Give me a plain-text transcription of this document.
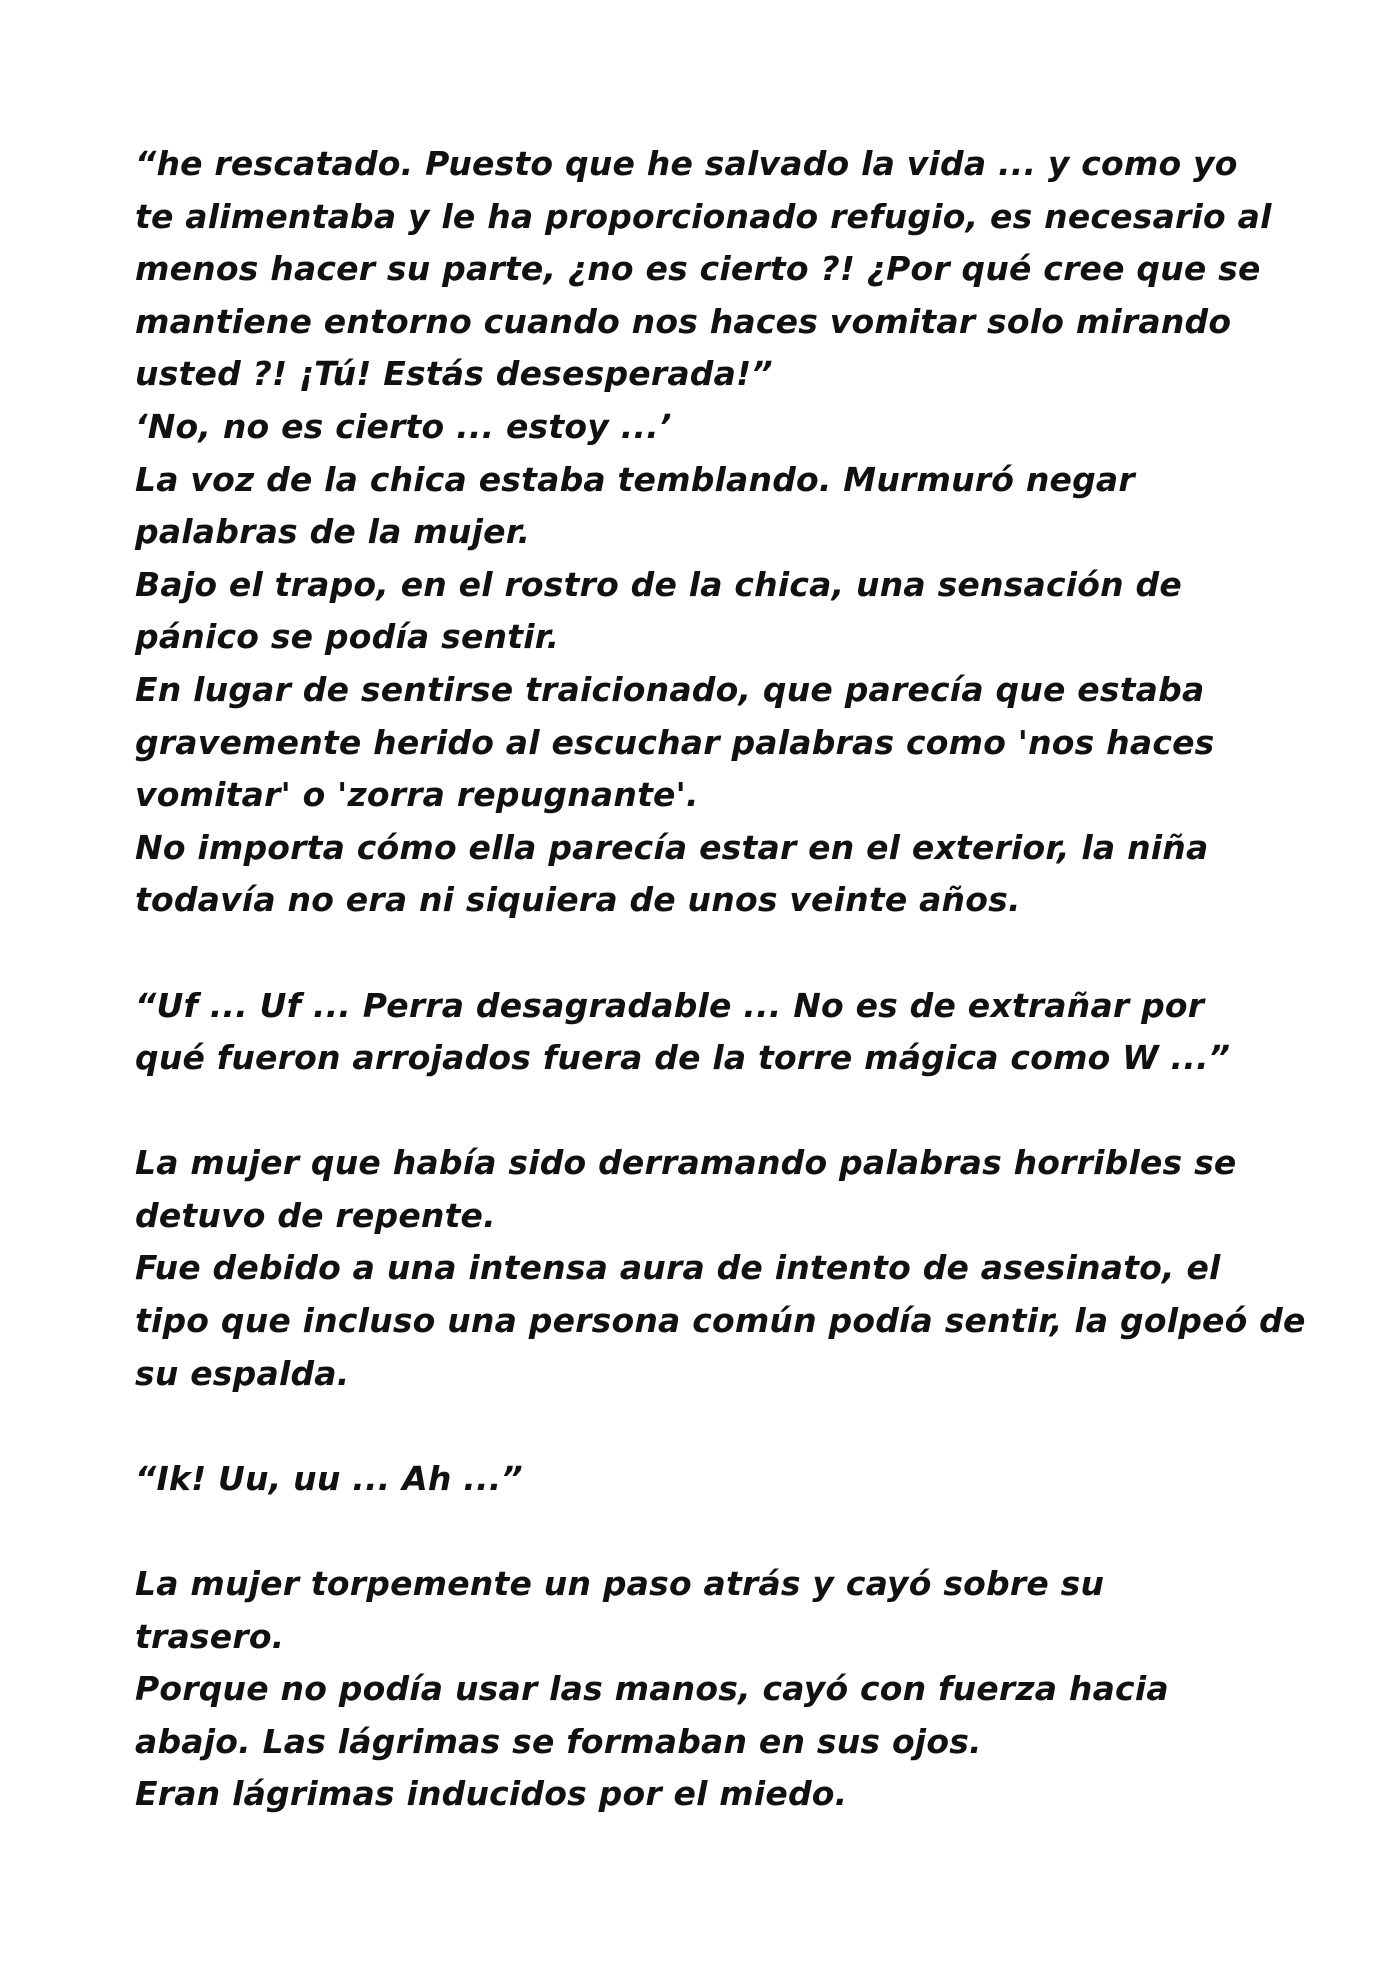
“he rescatado. Puesto que he salvado la vida ... y como yo
te alimentaba y le ha proporcionado refugio, es necesario al
menos hacer su parte, ¿no es cierto ?! ¿Por qué cree que se
mantiene entorno cuando nos haces vomitar solo mirando
usted ?! ¡Tú! Estás desesperada!”
‘No, no es cierto ... estoy ...’
La voz de la chica estaba temblando. Murmuró negar
palabras de la mujer.
Bajo el trapo, en el rostro de la chica, una sensación de
pánico se podía sentir.
En lugar de sentirse traicionado, que parecía que estaba
gravemente herido al escuchar palabras como 'nos haces
vomitar' o 'zorra repugnante'.
No importa cómo ella parecía estar en el exterior, la niña
todavía no era ni siquiera de unos veinte años.
“Uf ... Uf ... Perra desagradable ... No es de extrañar por
qué fueron arrojados fuera de la torre mágica como W ...”
La mujer que había sido derramando palabras horribles se
detuvo de repente.
Fue debido a una intensa aura de intento de asesinato, el
tipo que incluso una persona común podía sentir, la golpeó de
su espalda.
“Ik! Uu, uu ... Ah ...”
La mujer torpemente un paso atrás y cayó sobre su
trasero.
Porque no podía usar las manos, cayó con fuerza hacia
abajo. Las lágrimas se formaban en sus ojos.
Eran lágrimas inducidos por el miedo.
